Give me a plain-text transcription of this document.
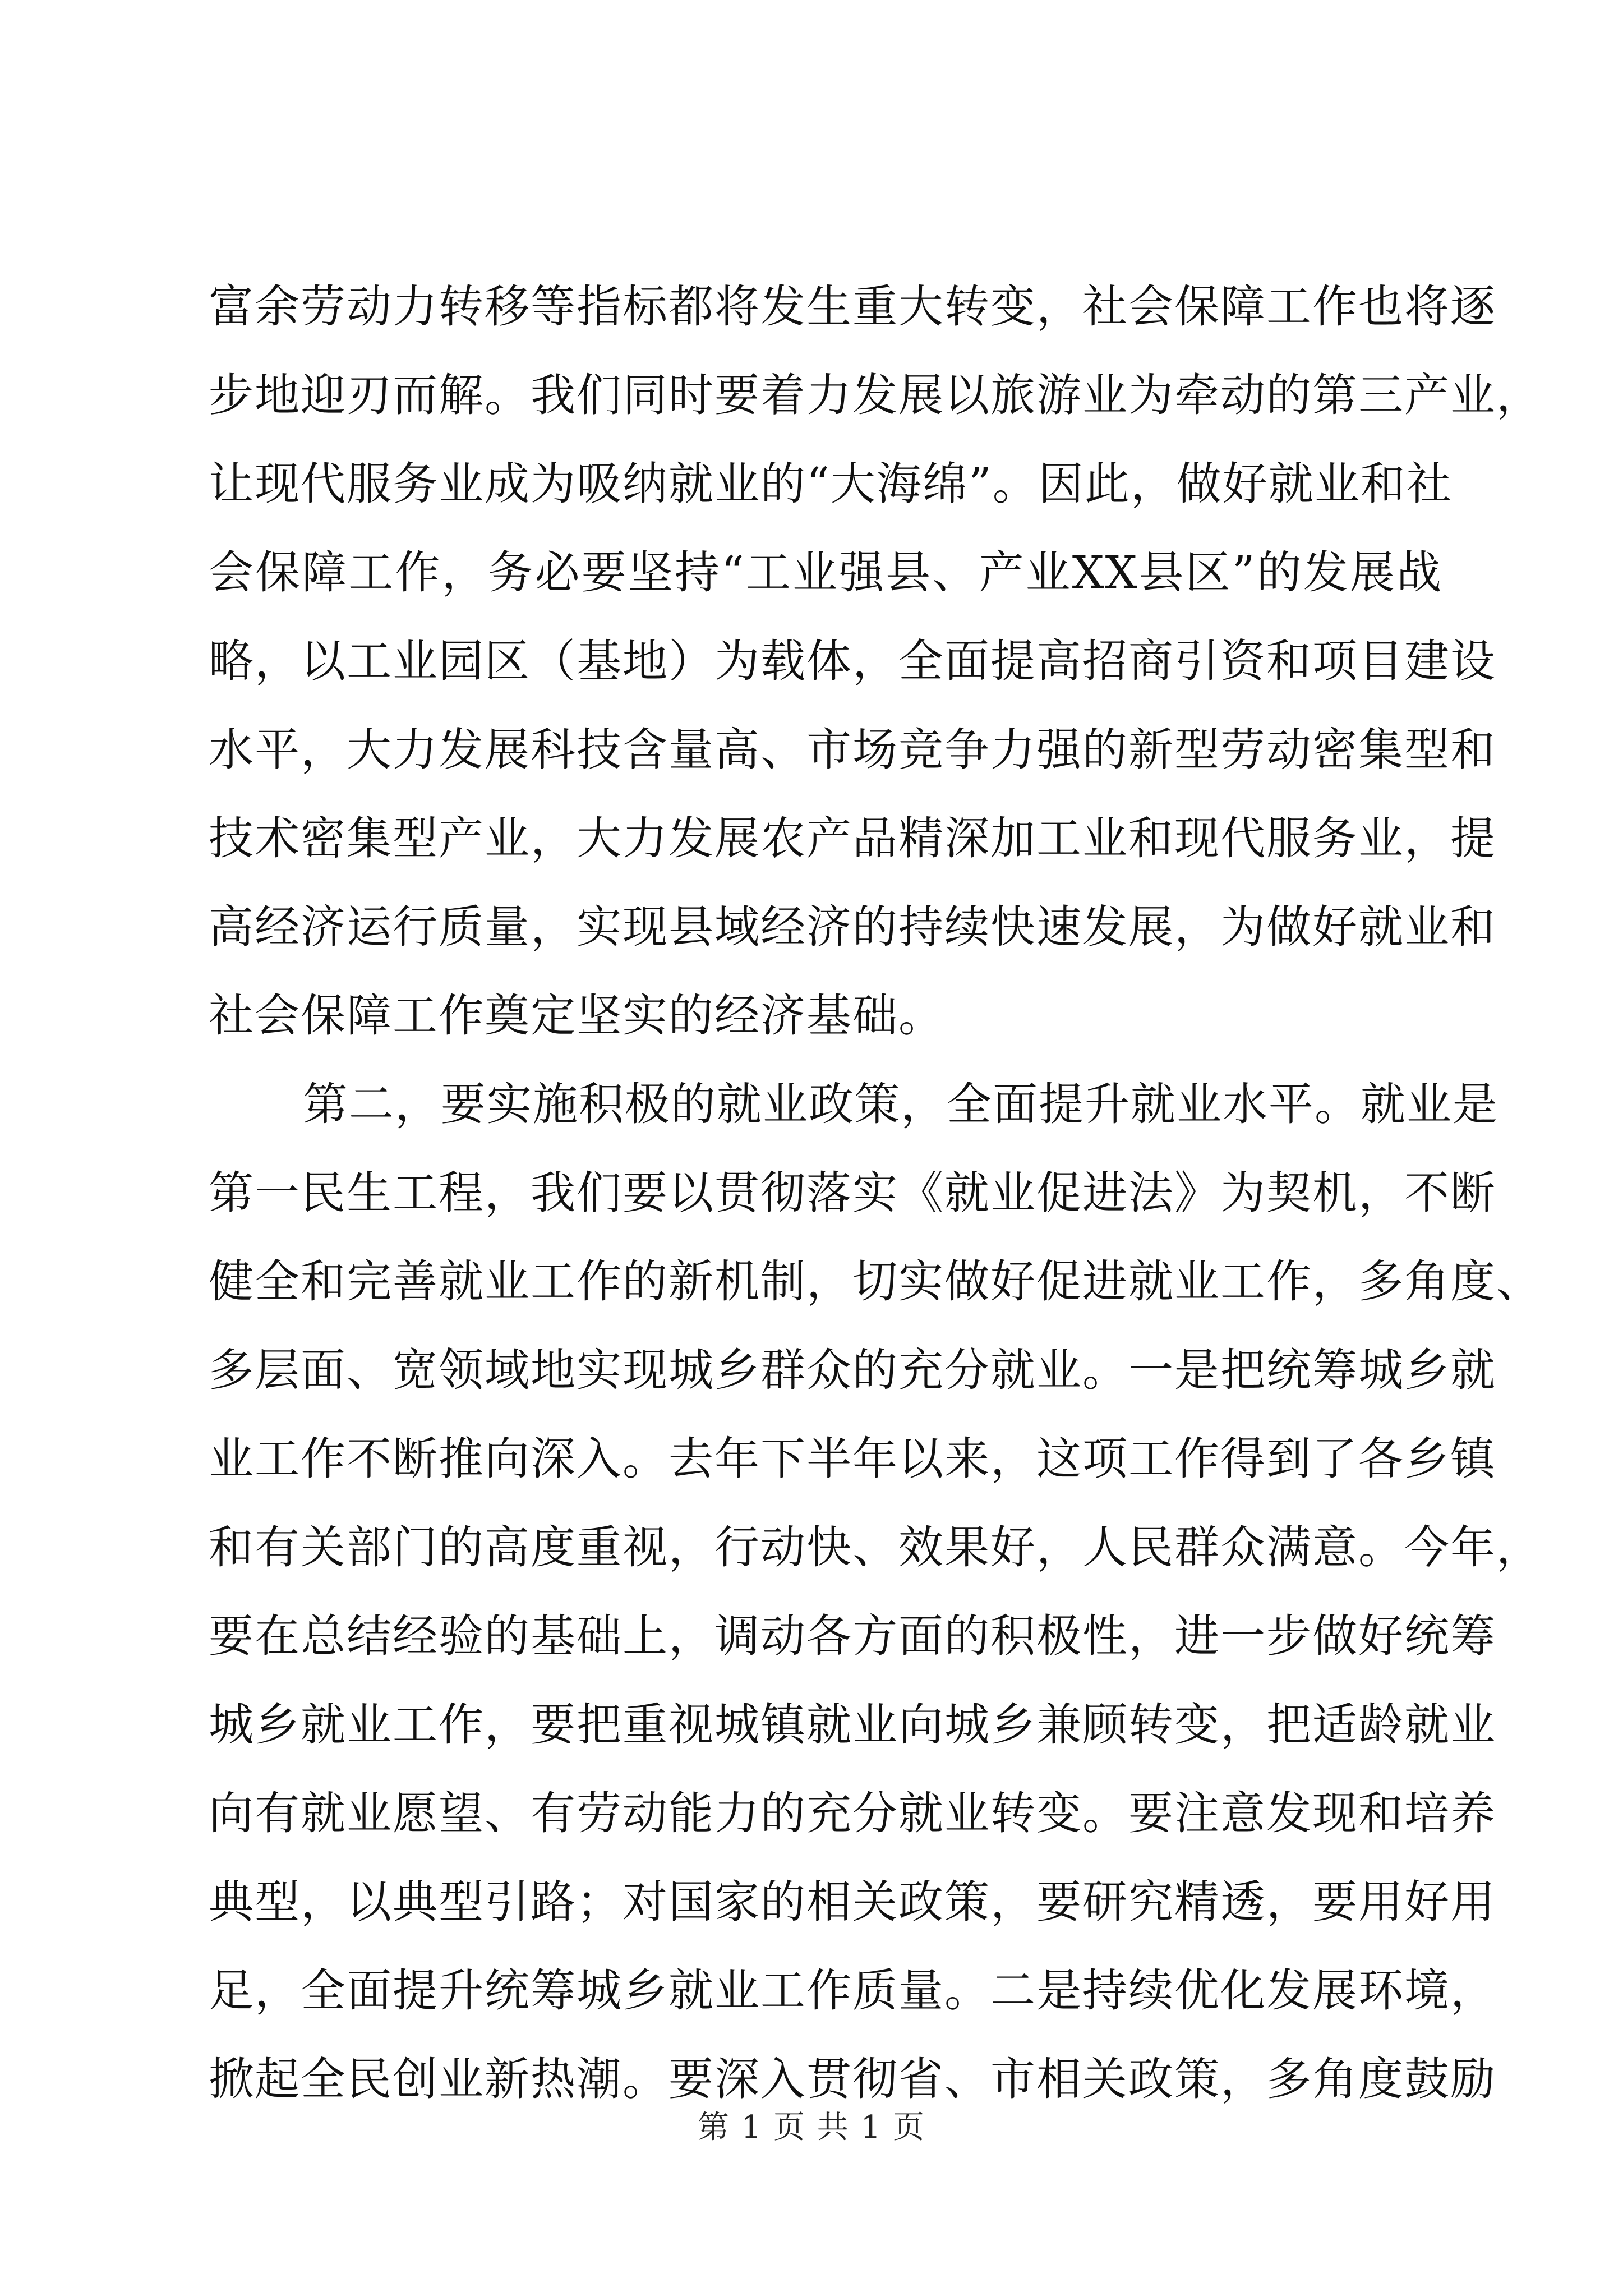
富余劳动力转移等指标都将发生重大转变，社会保障工作也将逐
步地迎刃而解。我们同时要着力发展以旅游业为牵动的第三产业，
让现代服务业成为吸纳就业的“大海绵”。因此，做好就业和社
会保障工作，务必要坚持“工业强县、产业XX县区”的发展战
略，以工业园区（基地）为载体，全面提高招商引资和项目建设
水平，大力发展科技含量高、市场竞争力强的新型劳动密集型和
技术密集型产业，大力发展农产品精深加工业和现代服务业，提
高经济运行质量，实现县域经济的持续快速发展，为做好就业和
社会保障工作奠定坚实的经济基础。
第二，要实施积极的就业政策，全面提升就业水平。就业是
第一民生工程，我们要以贯彻落实《就业促进法》为契机，不断
健全和完善就业工作的新机制，切实做好促进就业工作，多角度、
多层面、宽领域地实现城乡群众的充分就业。一是把统筹城乡就
业工作不断推向深入。去年下半年以来，这项工作得到了各乡镇
和有关部门的高度重视，行动快、效果好，人民群众满意。今年，
要在总结经验的基础上，调动各方面的积极性，进一步做好统筹
城乡就业工作，要把重视城镇就业向城乡兼顾转变，把适龄就业
向有就业愿望、有劳动能力的充分就业转变。要注意发现和培养
典型，以典型引路；对国家的相关政策，要研究精透，要用好用
足，全面提升统筹城乡就业工作质量。二是持续优化发展环境，
掀起全民创业新热潮。要深入贯彻省、市相关政策，多角度鼓励
第 1 页 共 1 页
